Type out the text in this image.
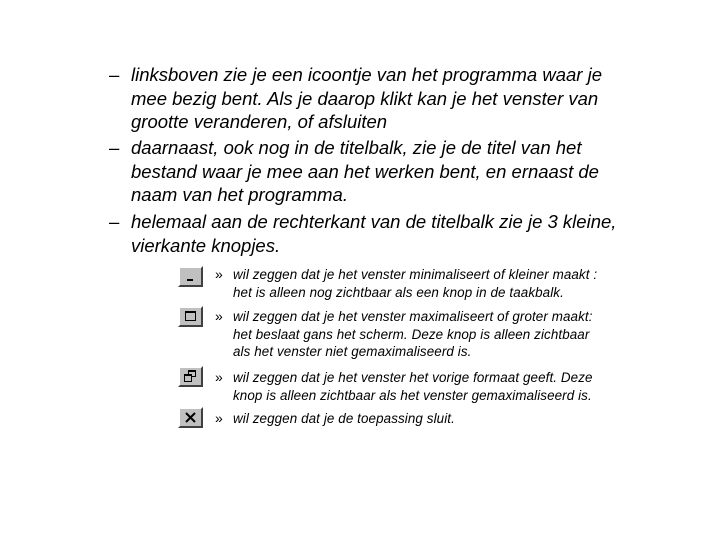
– linksboven zie je een icoontje van het programma waar je
mee bezig bent. Als je daarop klikt kan je het venster van
grootte veranderen, of afsluiten
– daarnaast, ook nog in de titelbalk, zie je de titel van het
bestand waar je mee aan het werken bent, en ernaast de
naam van het programma.
– helemaal aan de rechterkant van de titelbalk zie je 3 kleine,
vierkante knopjes.
» wil zeggen dat je het venster minimaliseert of kleiner maakt :
het is alleen nog zichtbaar als een knop in de taakbalk.
» wil zeggen dat je het venster maximaliseert of groter maakt:
het beslaat gans het scherm. Deze knop is alleen zichtbaar
als het venster niet gemaximaliseerd is.
» wil zeggen dat je het venster het vorige formaat geeft. Deze
knop is alleen zichtbaar als het venster gemaximaliseerd is.
» wil zeggen dat je de toepassing sluit.
